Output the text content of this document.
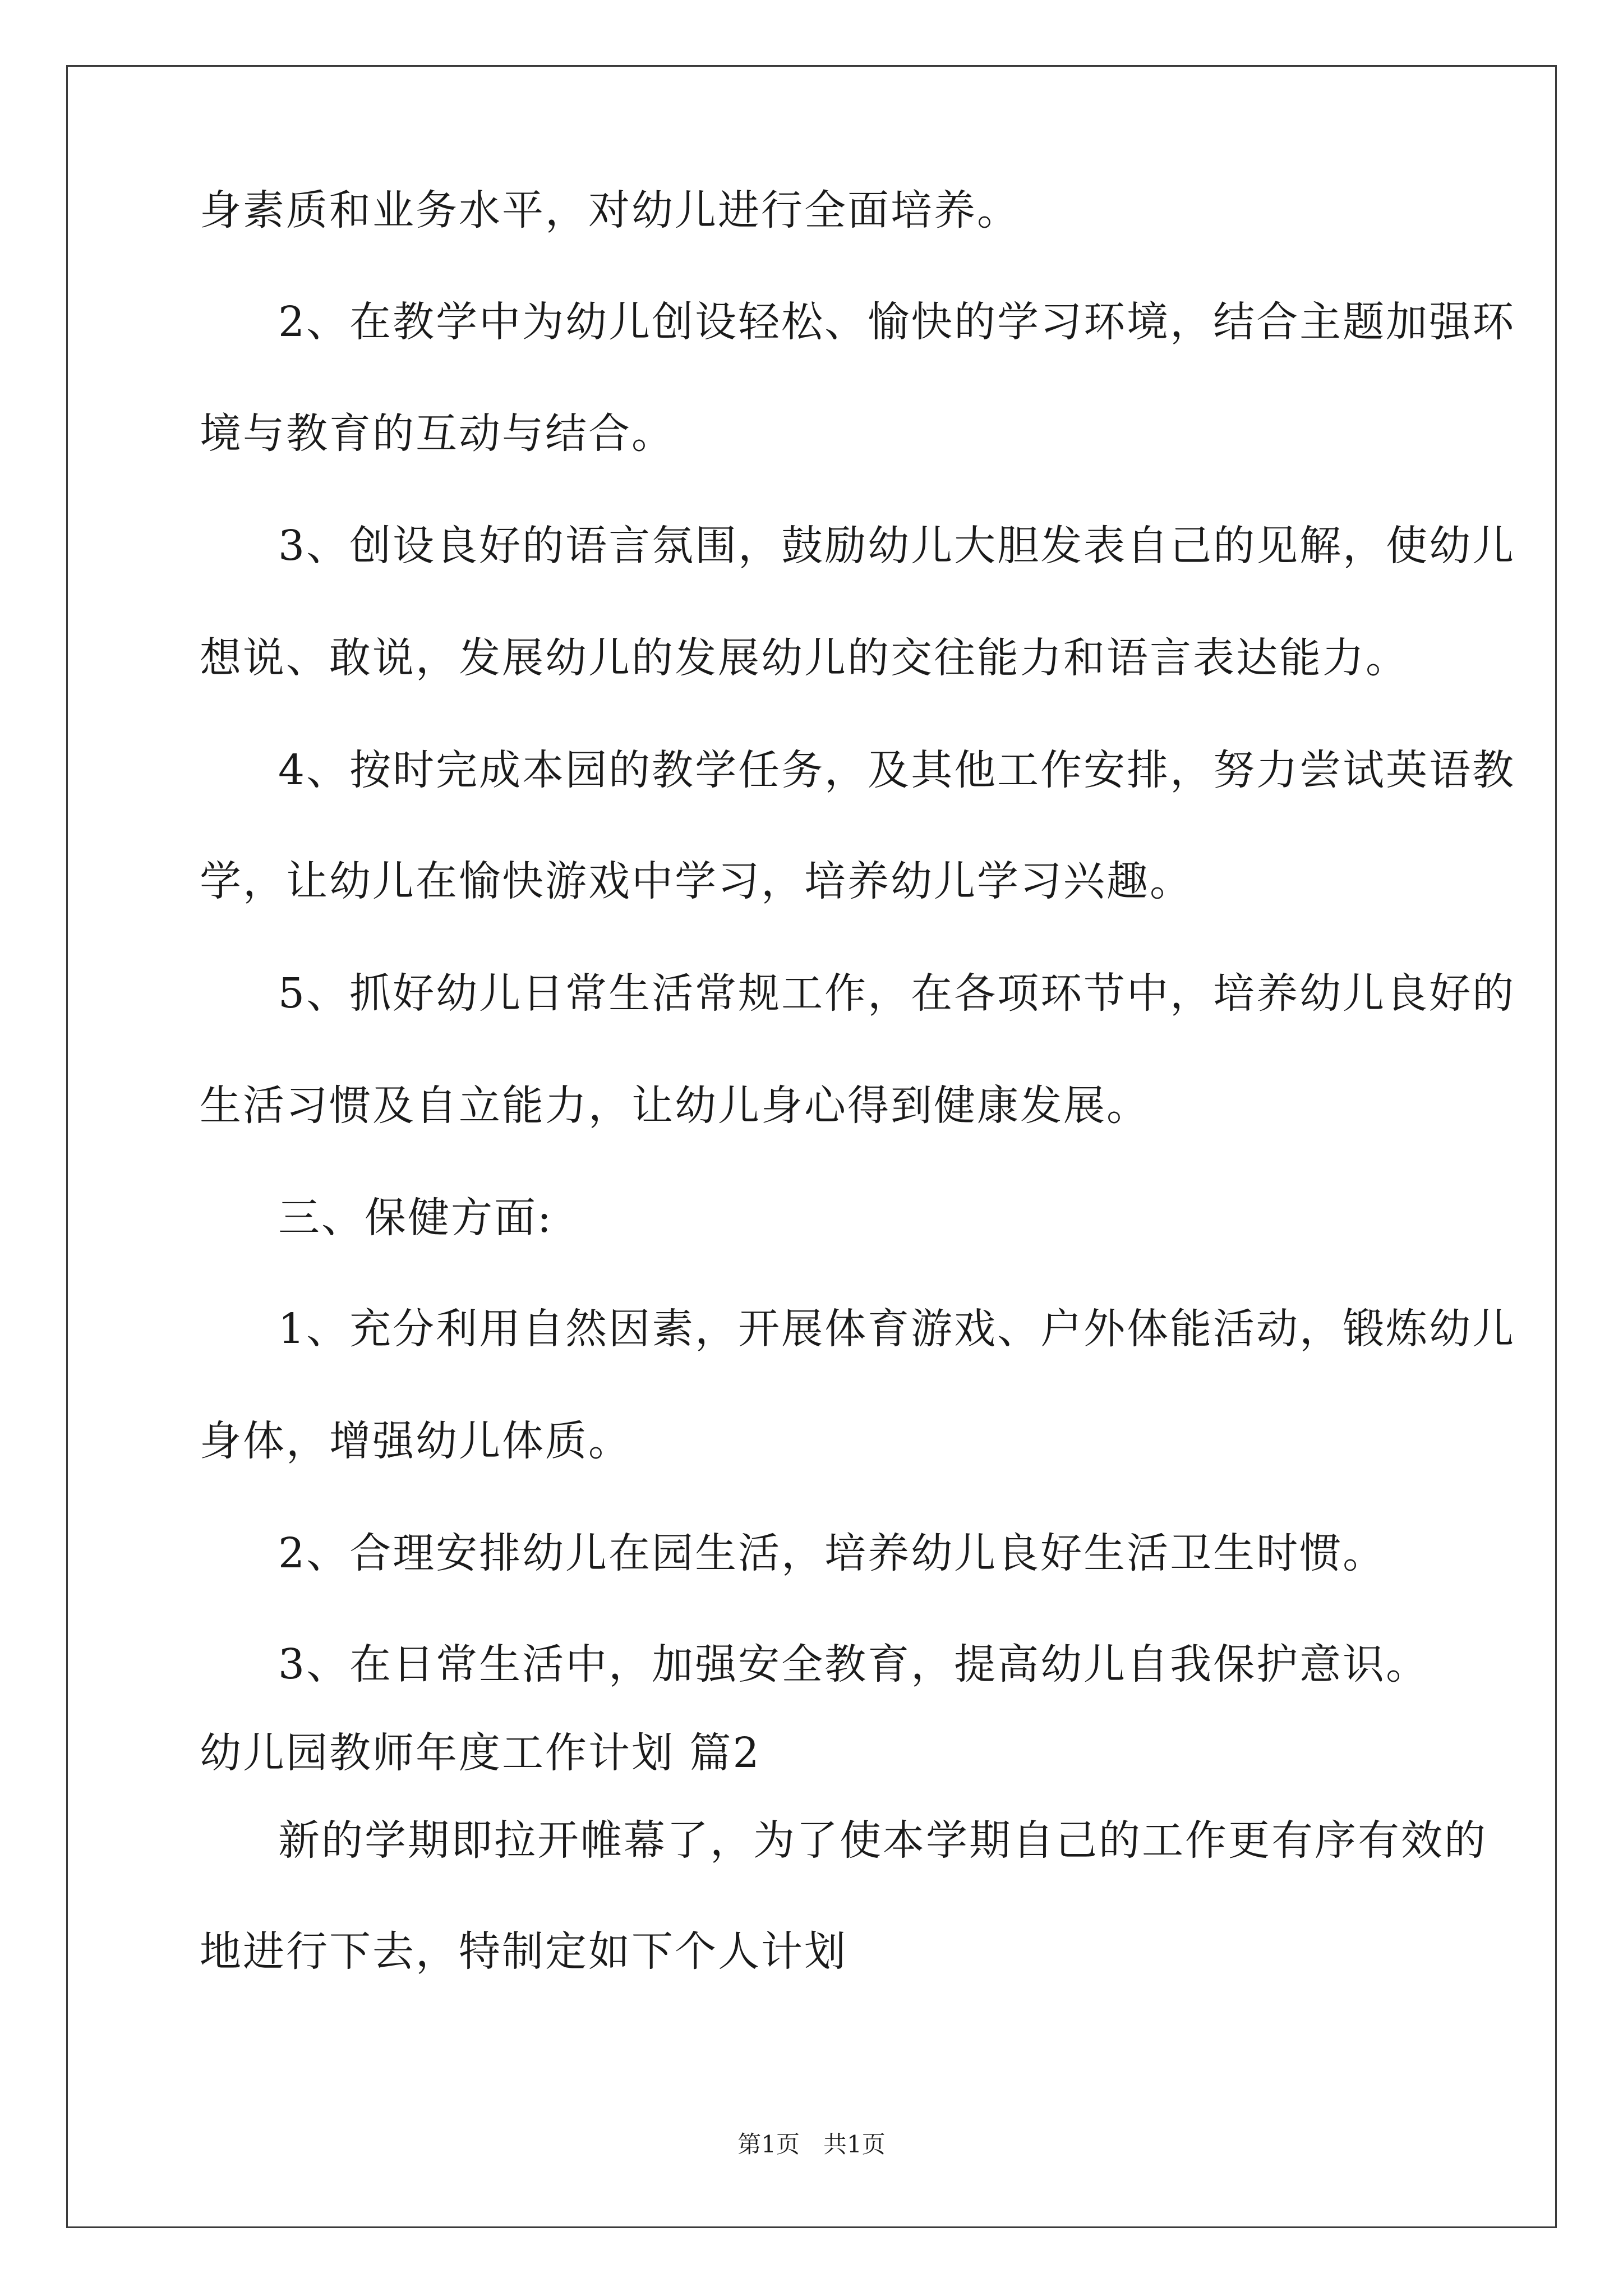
身素质和业务水平，对幼儿进行全面培养。
2、在教学中为幼儿创设轻松、愉快的学习环境，结合主题加强环
境与教育的互动与结合。
3、创设良好的语言氛围，鼓励幼儿大胆发表自己的见解，使幼儿
想说、敢说，发展幼儿的发展幼儿的交往能力和语言表达能力。
4、按时完成本园的教学任务，及其他工作安排，努力尝试英语教
学，让幼儿在愉快游戏中学习，培养幼儿学习兴趣。
5、抓好幼儿日常生活常规工作，在各项环节中，培养幼儿良好的
生活习惯及自立能力，让幼儿身心得到健康发展。
三、保健方面:
1、充分利用自然因素，开展体育游戏、户外体能活动，锻炼幼儿
身体，增强幼儿体质。
2、合理安排幼儿在园生活，培养幼儿良好生活卫生时惯。
3、在日常生活中，加强安全教育，提高幼儿自我保护意识。
幼儿园教师年度工作计划 篇2
新的学期即拉开帷幕了，为了使本学期自己的工作更有序有效的
地进行下去，特制定如下个人计划
第1页　共1页
